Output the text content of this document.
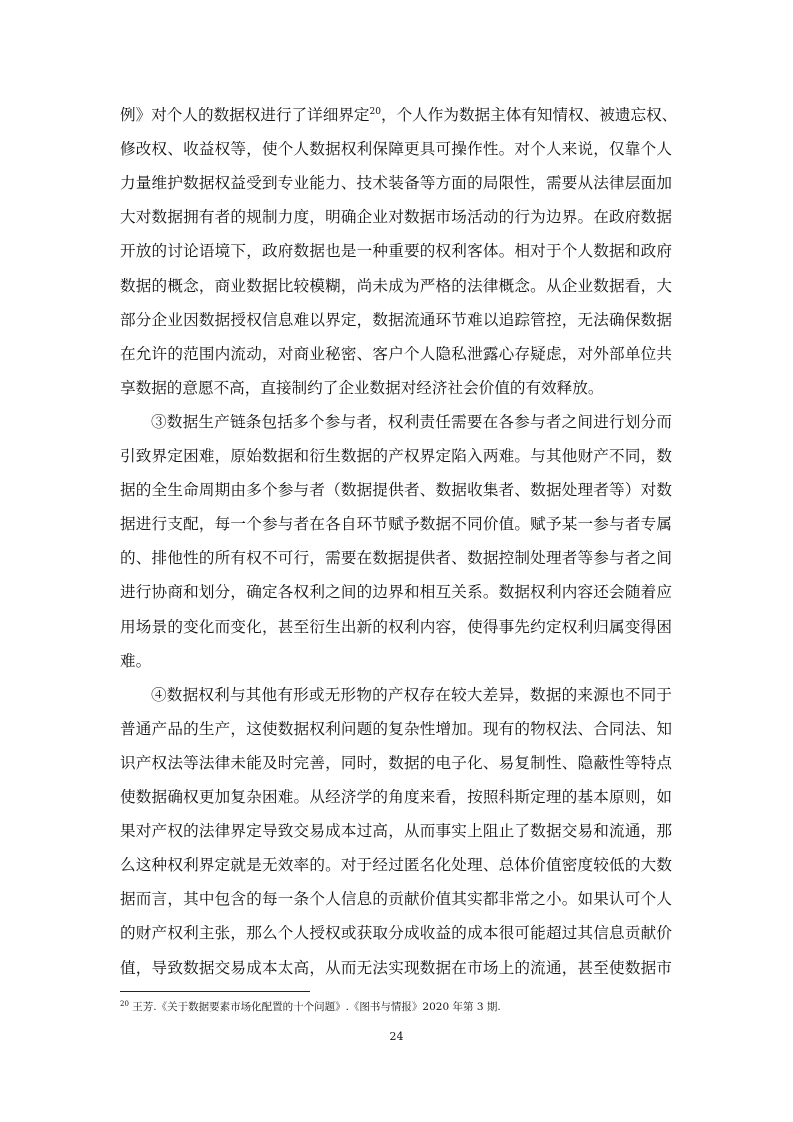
例》对个人的数据权进行了详细界定$^{20}$，个人作为数据主体有知情权、被遗忘权、
修改权、收益权等，使个人数据权利保障更具可操作性。对个人来说，仅靠个人
力量维护数据权益受到专业能力、技术装备等方面的局限性，需要从法律层面加
大对数据拥有者的规制力度，明确企业对数据市场活动的行为边界。在政府数据
开放的讨论语境下，政府数据也是一种重要的权利客体。相对于个人数据和政府
数据的概念，商业数据比较模糊，尚未成为严格的法律概念。从企业数据看，大
部分企业因数据授权信息难以界定，数据流通环节难以追踪管控，无法确保数据
在允许的范围内流动，对商业秘密、客户个人隐私泄露心存疑虑，对外部单位共
享数据的意愿不高，直接制约了企业数据对经济社会价值的有效释放。
③数据生产链条包括多个参与者，权利责任需要在各参与者之间进行划分而
引致界定困难，原始数据和衍生数据的产权界定陷入两难。与其他财产不同，数
据的全生命周期由多个参与者（数据提供者、数据收集者、数据处理者等）对数
据进行支配，每一个参与者在各自环节赋予数据不同价值。赋予某一参与者专属
的、排他性的所有权不可行，需要在数据提供者、数据控制处理者等参与者之间
进行协商和划分，确定各权利之间的边界和相互关系。数据权利内容还会随着应
用场景的变化而变化，甚至衍生出新的权利内容，使得事先约定权利归属变得困
难。
④数据权利与其他有形或无形物的产权存在较大差异，数据的来源也不同于
普通产品的生产，这使数据权利问题的复杂性增加。现有的物权法、合同法、知
识产权法等法律未能及时完善，同时，数据的电子化、易复制性、隐蔽性等特点
使数据确权更加复杂困难。从经济学的角度来看，按照科斯定理的基本原则，如
果对产权的法律界定导致交易成本过高，从而事实上阻止了数据交易和流通，那
么这种权利界定就是无效率的。对于经过匿名化处理、总体价值密度较低的大数
据而言，其中包含的每一条个人信息的贡献价值其实都非常之小。如果认可个人
的财产权利主张，那么个人授权或获取分成收益的成本很可能超过其信息贡献价
值，导致数据交易成本太高，从而无法实现数据在市场上的流通，甚至使数据市
$^{20}$ 王芳.《关于数据要素市场化配置的十个问题》.《图书与情报》2020 年第 3 期.
24
